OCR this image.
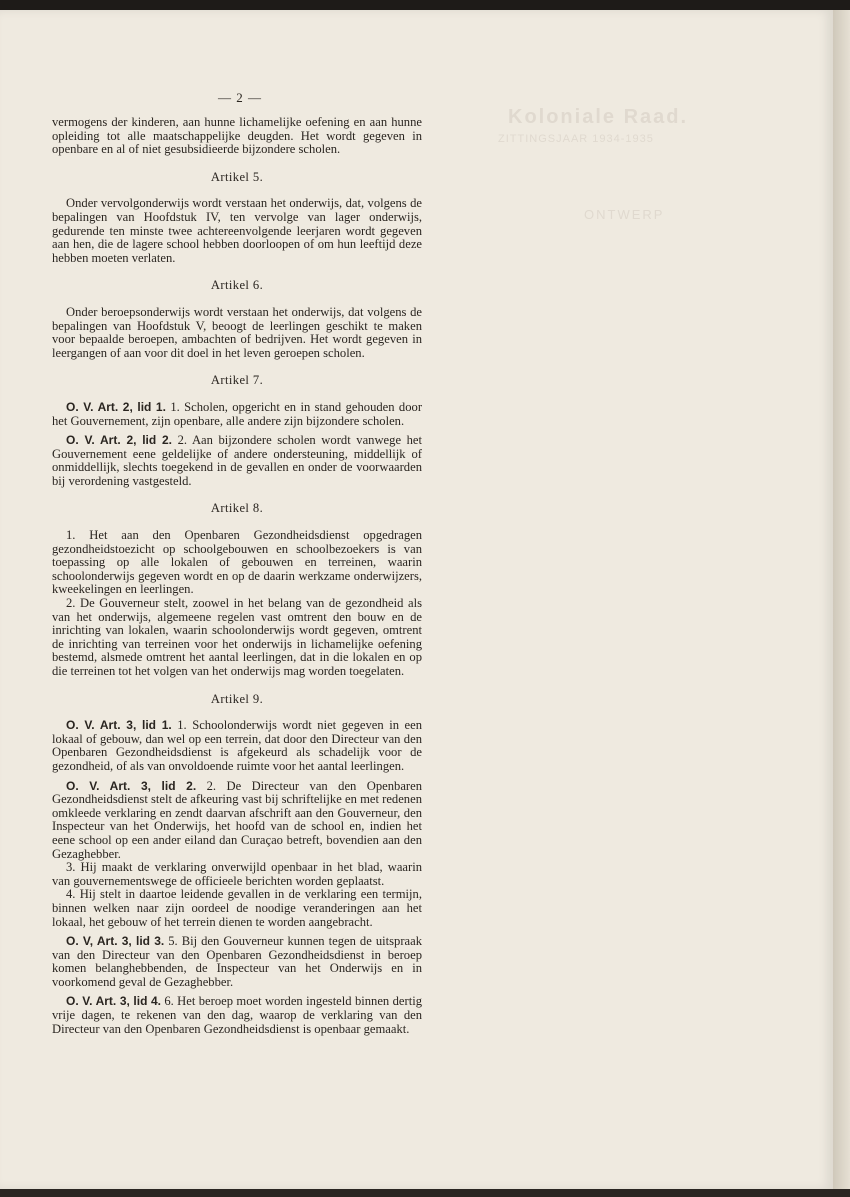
Koloniale Raad.
ZITTINGSJAAR 1934-1935
ONTWERP
— 2 —

vermogens der kinderen, aan hunne lichamelijke oefening en aan hunne opleiding tot alle maatschappelijke deugden. Het wordt gegeven in openbare en al of niet gesubsidieerde bijzondere scholen.

Artikel 5.

Onder vervolgonderwijs wordt verstaan het onderwijs, dat, volgens de bepalingen van Hoofdstuk IV, ten vervolge van lager onderwijs, gedurende ten minste twee achtereenvolgende leerjaren wordt gegeven aan hen, die de lagere school hebben doorloopen of om hun leeftijd deze hebben moeten verlaten.

Artikel 6.

Onder beroepsonderwijs wordt verstaan het onderwijs, dat volgens de bepalingen van Hoofdstuk V, beoogt de leerlingen geschikt te maken voor bepaalde beroepen, ambachten of bedrijven. Het wordt gegeven in leergangen of aan voor dit doel in het leven geroepen scholen.

Artikel 7.

O. V. Art. 2, lid 1. 1. Scholen, opgericht en in stand gehouden door het Gouvernement, zijn openbare, alle andere zijn bijzondere scholen.

O. V. Art. 2, lid 2. 2. Aan bijzondere scholen wordt vanwege het Gouvernement eene geldelijke of andere ondersteuning, middellijk of onmiddellijk, slechts toegekend in de gevallen en onder de voorwaarden bij verordening vastgesteld.

Artikel 8.

1. Het aan den Openbaren Gezondheidsdienst opgedragen gezondheidstoezicht op schoolgebouwen en schoolbezoekers is van toepassing op alle lokalen of gebouwen en terreinen, waarin schoolonderwijs gegeven wordt en op de daarin werkzame onderwijzers, kweekelingen en leerlingen.

2. De Gouverneur stelt, zoowel in het belang van de gezondheid als van het onderwijs, algemeene regelen vast omtrent den bouw en de inrichting van lokalen, waarin schoolonderwijs wordt gegeven, omtrent de inrichting van terreinen voor het onderwijs in lichamelijke oefening bestemd, alsmede omtrent het aantal leerlingen, dat in die lokalen en op die terreinen tot het volgen van het onderwijs mag worden toegelaten.

Artikel 9.

O. V. Art. 3, lid 1. 1. Schoolonderwijs wordt niet gegeven in een lokaal of gebouw, dan wel op een terrein, dat door den Directeur van den Openbaren Gezondheidsdienst is afgekeurd als schadelijk voor de gezondheid, of als van onvoldoende ruimte voor het aantal leerlingen.

O. V. Art. 3, lid 2. 2. De Directeur van den Openbaren Gezondheidsdienst stelt de afkeuring vast bij schriftelijke en met redenen omkleede verklaring en zendt daarvan afschrift aan den Gouverneur, den Inspecteur van het Onderwijs, het hoofd van de school en, indien het eene school op een ander eiland dan Curaçao betreft, bovendien aan den Gezaghebber.

3. Hij maakt de verklaring onverwijld openbaar in het blad, waarin van gouvernementswege de officieele berichten worden geplaatst.

4. Hij stelt in daartoe leidende gevallen in de verklaring een termijn, binnen welken naar zijn oordeel de noodige veranderingen aan het lokaal, het gebouw of het terrein dienen te worden aangebracht.

O. V, Art. 3, lid 3. 5. Bij den Gouverneur kunnen tegen de uitspraak van den Directeur van den Openbaren Gezondheidsdienst in beroep komen belanghebbenden, de Inspecteur van het Onderwijs en in voorkomend geval de Gezaghebber.

O. V. Art. 3, lid 4. 6. Het beroep moet worden ingesteld binnen dertig vrije dagen, te rekenen van den dag, waarop de verklaring van den Directeur van den Openbaren Gezondheidsdienst is openbaar gemaakt.
